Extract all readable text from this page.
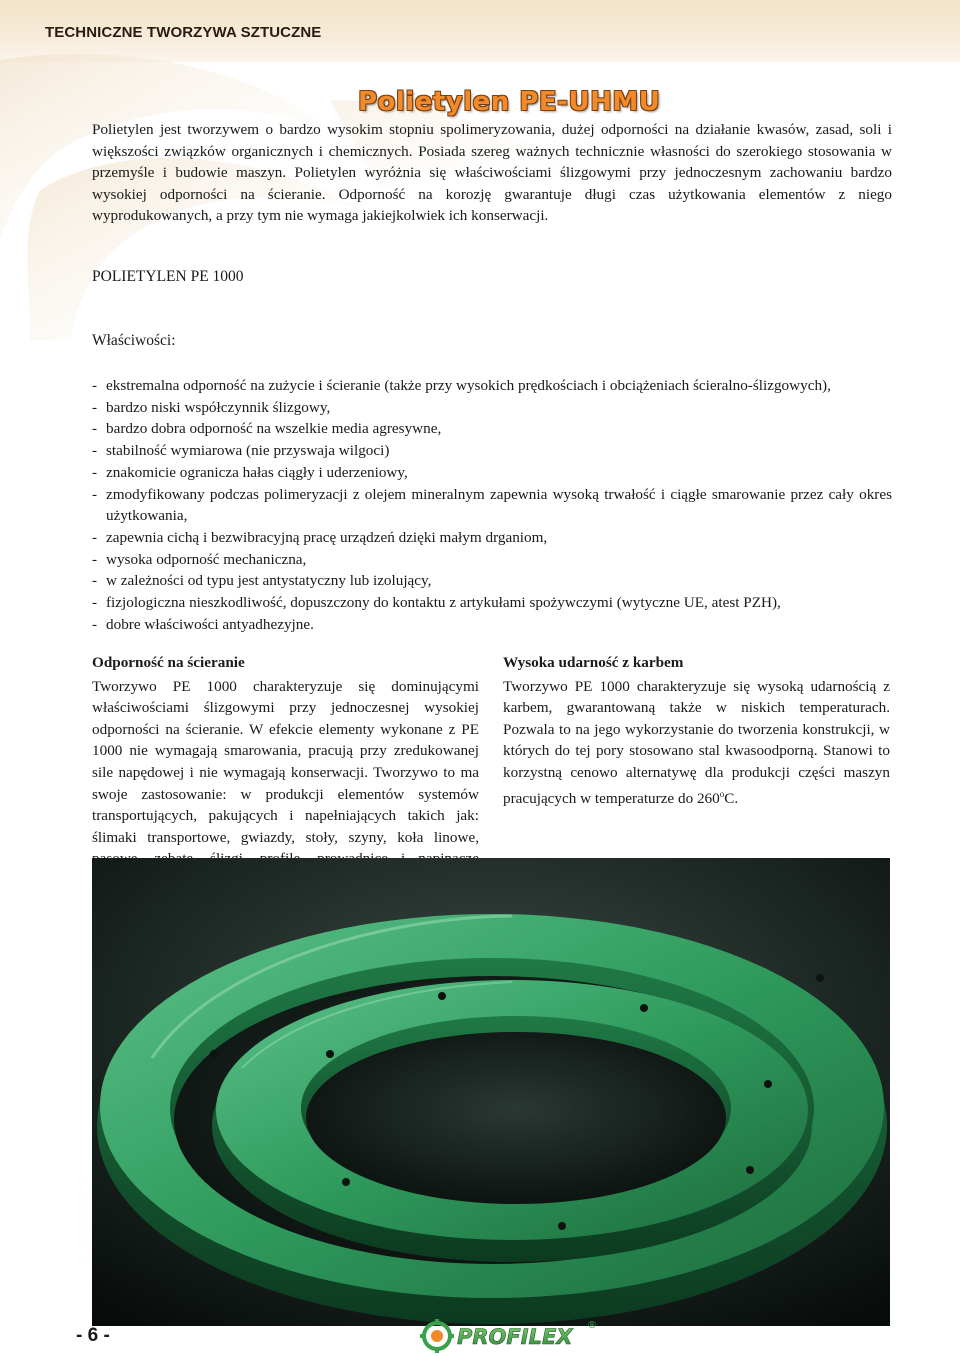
TECHNICZNE TWORZYWA SZTUCZNE
Polietylen PE-UHMU

Polietylen jest tworzywem o bardzo wysokim stopniu spolimeryzowania, dużej odporności na działanie kwasów, zasad, soli i większości związków organicznych i chemicznych. Posiada szereg ważnych technicznie własności do szerokiego stosowania w przemyśle i budowie maszyn. Polietylen wyróżnia się właściwościami ślizgowymi przy jednoczesnym zachowaniu bardzo wysokiej odporności na ścieranie. Odporność na korozję gwarantuje długi czas użytkowania elementów z niego wyprodukowanych, a przy tym nie wymaga jakiejkolwiek ich konserwacji.

POLIETYLEN PE 1000
Właściwości:
- ekstremalna odporność na zużycie i ścieranie (także przy wysokich prędkościach i obciążeniach ścieralno-ślizgowych),
- bardzo niski współczynnik ślizgowy,
- bardzo dobra odporność na wszelkie media agresywne,
- stabilność wymiarowa (nie przyswaja wilgoci)
- znakomicie ogranicza hałas ciągły i uderzeniowy,
- zmodyfikowany podczas polimeryzacji z olejem mineralnym zapewnia wysoką trwałość i ciągłe smarowanie przez cały okres użytkowania,
- zapewnia cichą i bezwibracyjną pracę urządzeń dzięki małym drganiom,
- wysoka odporność mechaniczna,
- w zależności od typu jest antystatyczny lub izolujący,
- fizjologiczna nieszkodliwość, dopuszczony do kontaktu z artykułami spożywczymi (wytyczne UE, atest PZH),
- dobre właściwości antyadhezyjne.

Odporność na ścieranie

Tworzywo PE 1000 charakteryzuje się dominującymi właściwościami ślizgowymi przy jednoczesnej wysokiej odporności na ścieranie. W efekcie elementy wykonane z PE 1000 nie wymagają smarowania, pracują przy zredukowanej sile napędowej i nie wymagają konserwacji. Tworzywo to ma swoje zastosowanie: w produkcji elementów systemów transportujących, pakujących i napełniających takich jak: ślimaki transportowe, gwiazdy, stoły, szyny, koła linowe,

Wysoka udarność z karbem

Tworzywo PE 1000 charakteryzuje się wysoką udarnością z karbem, gwarantowaną także w niskich temperaturach. Pozwala to na jego wykorzystanie do tworzenia konstrukcji, w których do tej pory stosowano stal kwasoodporną. Stanowi to korzystną cenowo alternatywę dla produkcji części maszyn pracujących w temperaturze do 260$^o$C.

- 6 -	PROFILEX ®
